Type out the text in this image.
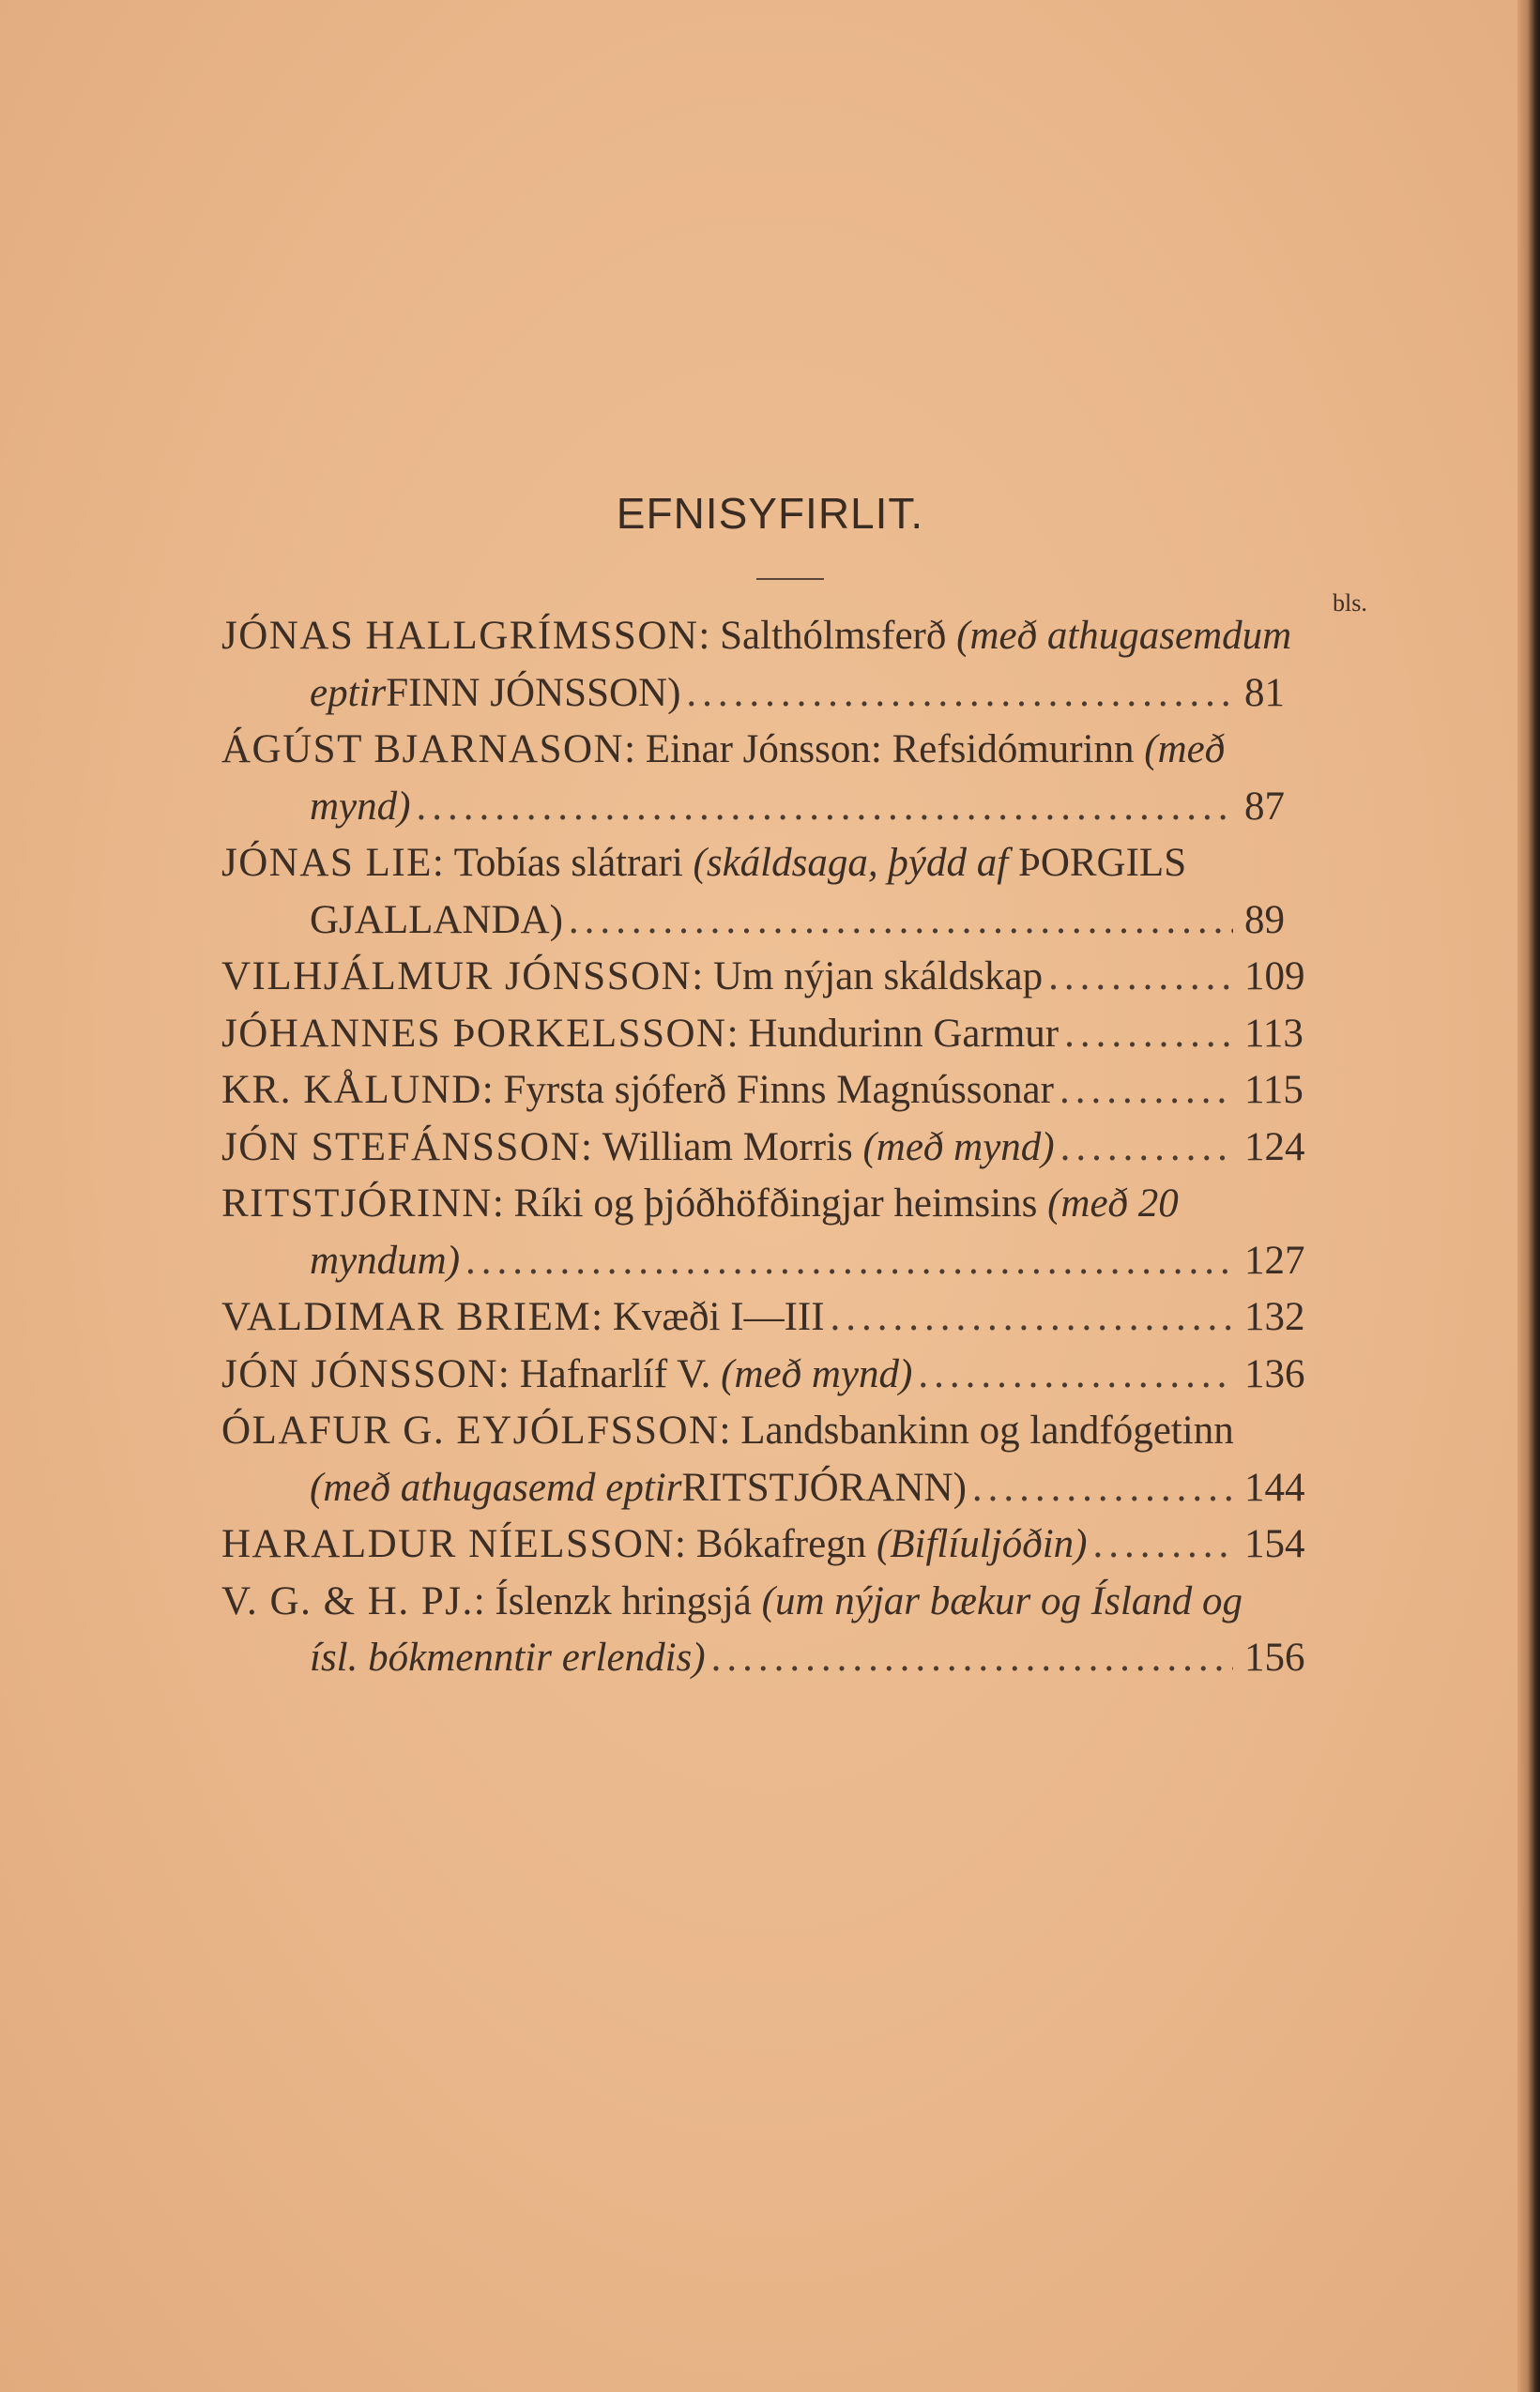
EFNISYFIRLIT.
bls.
JÓNAS HALLGRÍMSSON :
Salthólmsferð
(með athugasemdum
eptir FINN JÓNSSON) .....	81
ÁGÚST BJARNASON :
Einar Jónsson: Refsidómurinn
(með
mynd) .....	87
JÓNAS LIE :
Tobías slátrari
(skáldsaga, þýdd
af
ÞORGILS
GJALLANDA) .....	89
VILHJÁLMUR JÓNSSON :
Um nýjan skáldskap .....	109
JÓHANNES ÞORKELSSON :
Hundurinn Garmur .....	113
KR. KÅLUND :
Fyrsta sjóferð Finns Magnússonar .....	115
JÓN STEFÁNSSON :
William Morris
(með mynd) .....	124
RITSTJÓRINN :
Ríki og þjóðhöfðingjar heimsins
(með 20
myndum) .....	127
VALDIMAR BRIEM :
Kvæði I—III .....	132
JÓN JÓNSSON :
Hafnarlíf V.
(með mynd) .....	136
ÓLAFUR G. EYJÓLFSSON :
Landsbankinn og landfógetinn
(með athugasemd eptir RITSTJÓRANN) .....	144
HARALDUR NÍELSSON :
Bókafregn
(Biflíuljóðin) .....	154
V. G. & H. PJ. :
Íslenzk hringsjá
(um nýjar bækur og Ísland og
ísl. bókmenntir erlendis) .....	156
